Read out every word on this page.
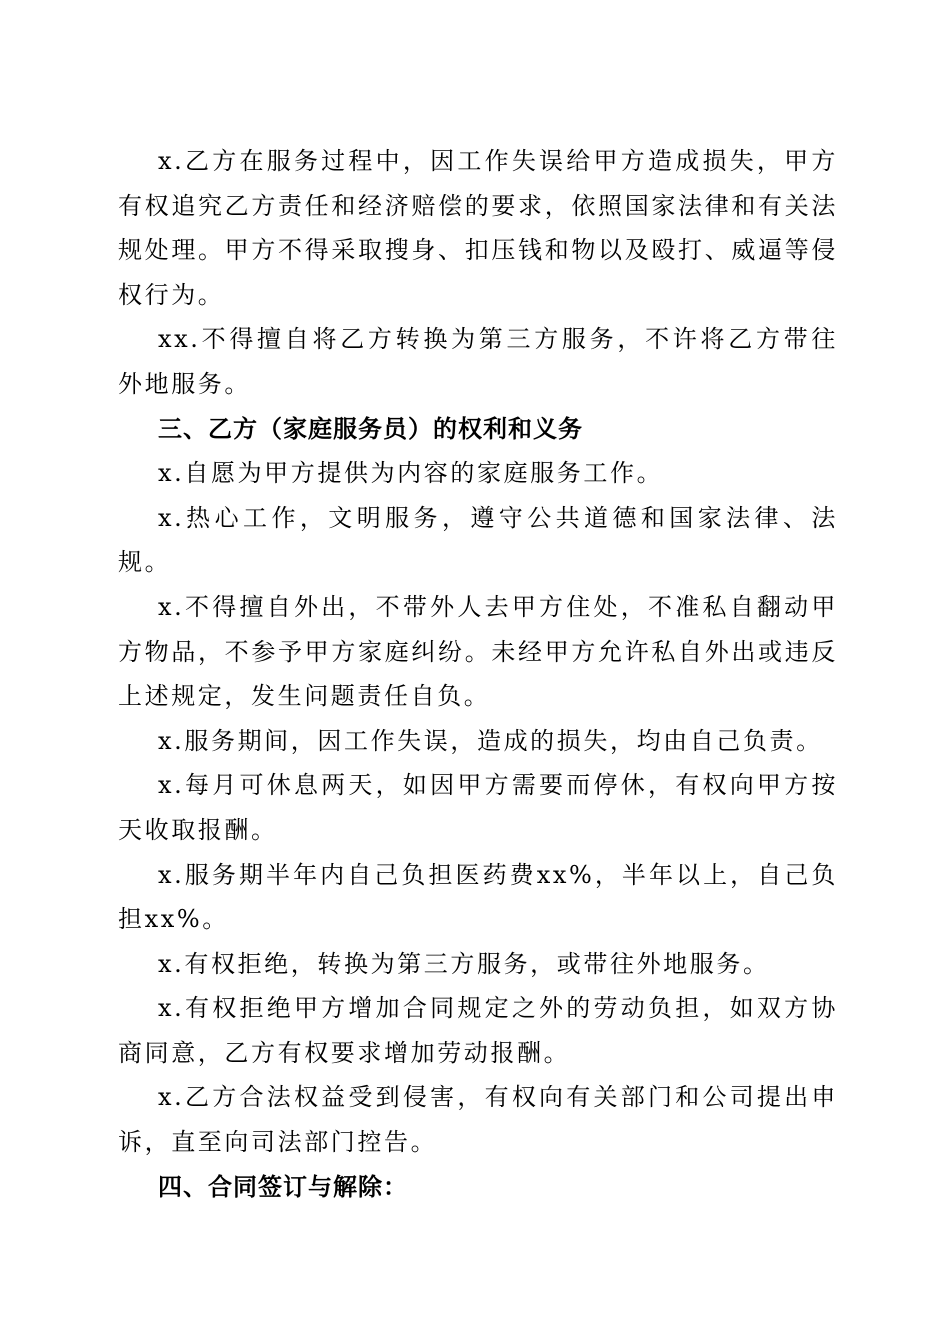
x.乙方在服务过程中，因工作失误给甲方造成损失，甲方有权追究乙方责任和经济赔偿的要求，依照国家法律和有关法规处理。甲方不得采取搜身、扣压钱和物以及殴打、威逼等侵权行为。

xx.不得擅自将乙方转换为第三方服务，不许将乙方带往外地服务。

三、乙方（家庭服务员）的权利和义务

x.自愿为甲方提供为内容的家庭服务工作。

x.热心工作，文明服务，遵守公共道德和国家法律、法规。

x.不得擅自外出，不带外人去甲方住处，不准私自翻动甲方物品，不参予甲方家庭纠纷。未经甲方允许私自外出或违反上述规定，发生问题责任自负。

x.服务期间，因工作失误，造成的损失，均由自己负责。

x.每月可休息两天，如因甲方需要而停休，有权向甲方按天收取报酬。

x.服务期半年内自己负担医药费xx%，半年以上，自己负担xx%。

x.有权拒绝，转换为第三方服务，或带往外地服务。

x.有权拒绝甲方增加合同规定之外的劳动负担，如双方协商同意，乙方有权要求增加劳动报酬。

x.乙方合法权益受到侵害，有权向有关部门和公司提出申诉，直至向司法部门控告。

四、合同签订与解除：
